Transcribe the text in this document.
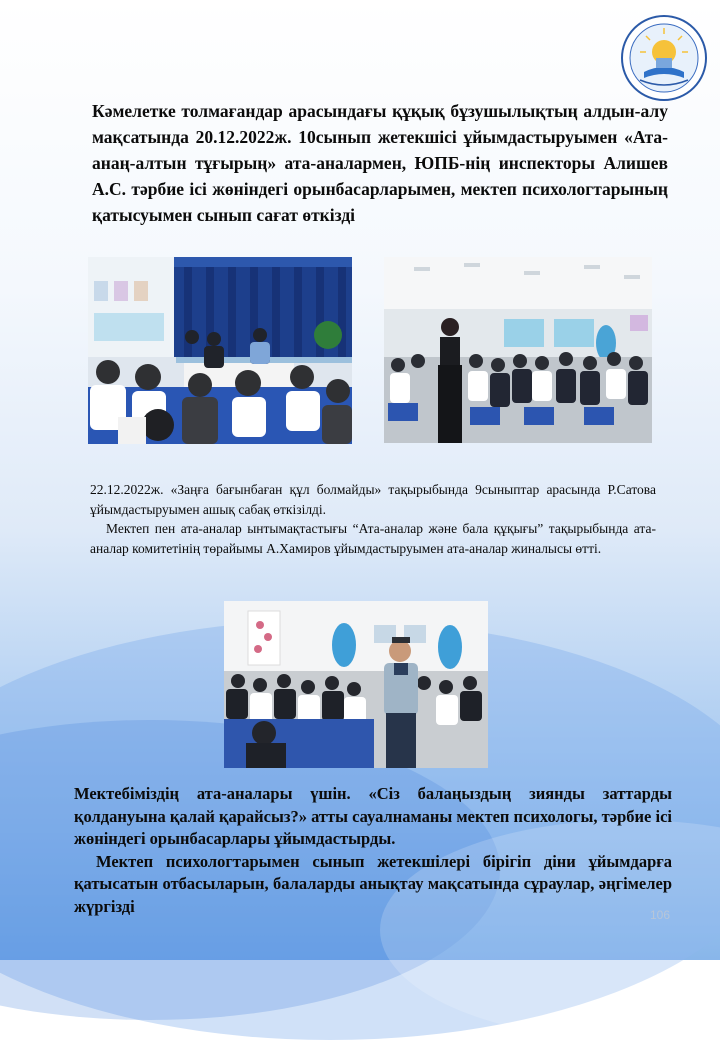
Кәмелетке толмағандар арасындағы құқық бұзушылықтың алдын-алу мақсатында 20.12.2022ж. 10сынып жетекшісі ұйымдастыруымен «Ата-анаң-алтын тұғырың» ата-аналармен, ЮПБ-нің инспекторы Алишев А.С. тәрбие ісі жөніндегі орынбасарларымен, мектеп психологтарының қатысуымен сынып сағат өткізді
22.12.2022ж. «Заңға бағынбаған құл болмайды» тақырыбында 9сыныптар арасында Р.Сатова ұйымдастыруымен ашық сабақ өткізілді.
Мектеп пен ата-аналар ынтымақтастығы “Ата-аналар және бала құқығы” тақырыбында ата-аналар комитетінің төрайымы А.Хамиров ұйымдастыруымен ата-аналар жиналысы өтті.
Мектебіміздің ата-аналары үшін. «Сіз балаңыздың зиянды заттарды қолдануына қалай қарайсыз?» атты сауалнаманы мектеп психологы, тәрбие ісі жөніндегі орынбасарлары ұйымдастырды.
Мектеп психологтарымен сынып жетекшілері бірігіп діни ұйымдарға қатысатын отбасыларын, балаларды анықтау мақсатында сұраулар, әңгімелер жүргізді	106
